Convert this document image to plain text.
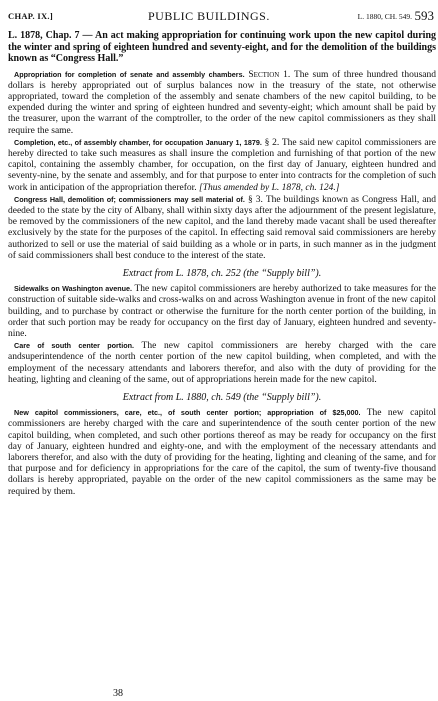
CHAP. IX.]	PUBLIC BUILDINGS.	L. 1880, CH. 549. 593

L. 1878, Chap. 7 — An act making appropriation for continuing work upon the new capitol during the winter and spring of eighteen hundred and seventy-eight, and for the demolition of the buildings known as “Congress Hall.”

Appropriation for completion of senate and assembly chambers. Section 1. The sum of three hundred thousand dollars is hereby appropriated out of surplus balances now in the treasury of the state, not otherwise appropriated, toward the completion of the assembly and senate chambers of the new capitol building, to be expended during the winter and spring of eighteen hundred and seventy-eight; which amount shall be paid by the treasurer, upon the warrant of the comptroller, to the order of the new capitol commissioners as they shall require the same.

Completion, etc., of assembly chamber, for occupation January 1, 1879. § 2. The said new capitol commissioners are hereby directed to take such measures as shall insure the completion and furnishing of that portion of the new capitol, containing the assembly chamber, for occupation, on the first day of January, eighteen hundred and seventy-nine, by the senate and assembly, and for that purpose to enter into contracts for the completion of such work in anticipation of the appropriation therefor. [Thus amended by L. 1878, ch. 124.]

Congress Hall, demolition of; commissioners may sell material of. § 3. The buildings known as Congress Hall, and deeded to the state by the city of Albany, shall within sixty days after the adjournment of the present legislature, be removed by the commissioners of the new capitol, and the land thereby made vacant shall be used thereafter exclusively by the state for the purposes of the capitol. In effecting said removal said commissioners are hereby authorized to sell or use the material of said building as a whole or in parts, in such manner as in the judgment of said commissioners shall best conduce to the interest of the state.

Extract from L. 1878, ch. 252 (the “Supply bill”).

Sidewalks on Washington avenue. The new capitol commissioners are hereby authorized to take measures for the construction of suitable side-walks and cross-walks on and across Washington avenue in front of the new capitol building, and to purchase by contract or otherwise the furniture for the north center portion of the building, in order that such portion may be ready for occupancy on the first day of January, eighteen hundred and seventy-nine.

Care of south center portion. The new capitol commissioners are hereby charged with the care andsuperintendence of the north center portion of the new capitol building, when completed, and with the employment of the necessary attendants and laborers therefor, and also with the duty of providing for the heating, lighting and cleaning of the same, out of appropriations herein made for the new capitol.

Extract from L. 1880, ch. 549 (the “Supply bill”).

New capitol commissioners, care, etc., of south center portion; appropriation of $25,000. The new capitol commissioners are hereby charged with the care and superintendence of the south center portion of the new capitol building, when completed, and such other portions thereof as may be ready for occupancy on the first day of January, eighteen hundred and eighty-one, and with the employment of the necessary attendants and laborers therefor, and also with the duty of providing for the heating, lighting and cleaning of the same, and for that purpose and for deficiency in appropriations for the care of the capitol, the sum of twenty-five thousand dollars is hereby appropriated, payable on the order of the new capitol commissioners as the same may be required by them.

38
